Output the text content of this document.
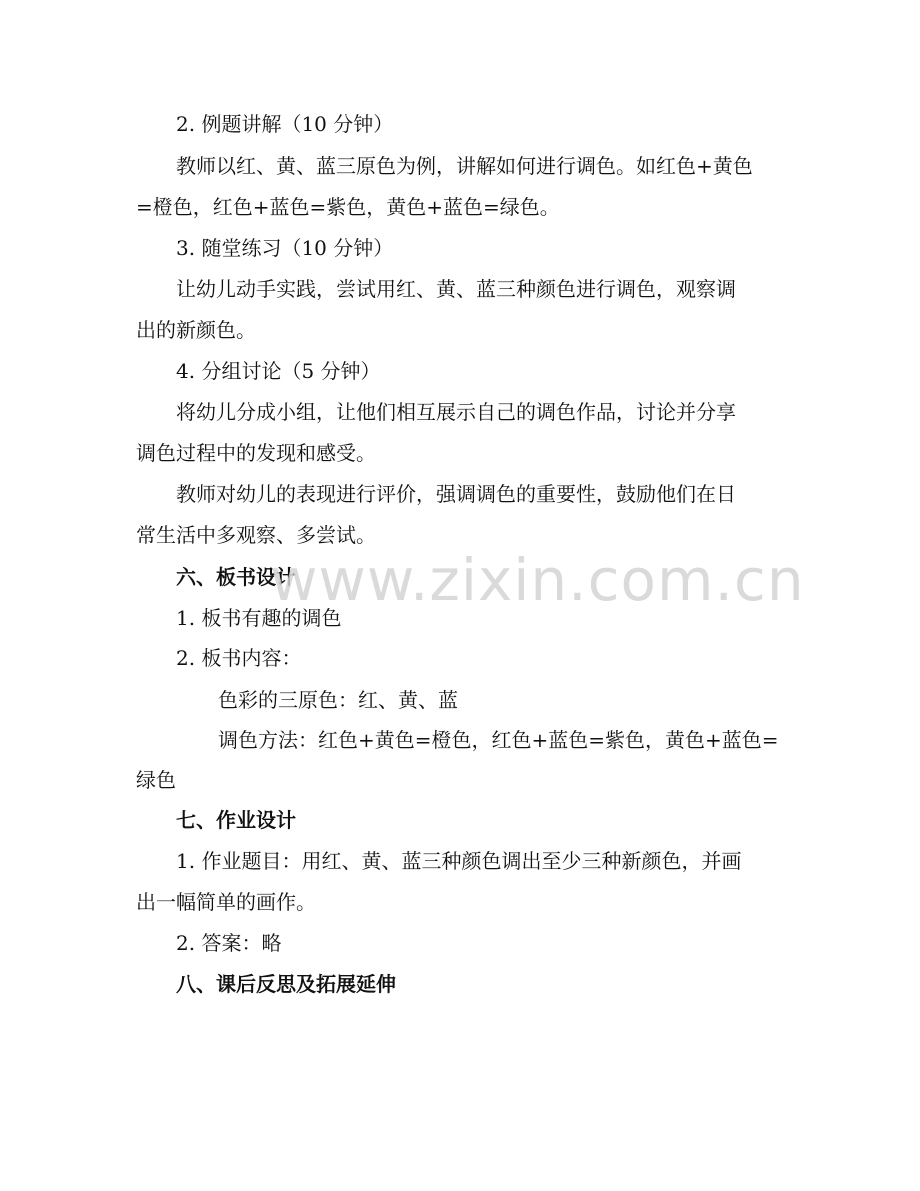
2. 例题讲解（10 分钟）
教师以红、黄、蓝三原色为例，讲解如何进行调色。如红色+黄色
=橙色，红色+蓝色=紫色，黄色+蓝色=绿色。
3. 随堂练习（10 分钟）
让幼儿动手实践，尝试用红、黄、蓝三种颜色进行调色，观察调
出的新颜色。
4. 分组讨论（5 分钟）
将幼儿分成小组，让他们相互展示自己的调色作品，讨论并分享
调色过程中的发现和感受。
教师对幼儿的表现进行评价，强调调色的重要性，鼓励他们在日
常生活中多观察、多尝试。
六、板书设计
1. 板书有趣的调色
2. 板书内容：
色彩的三原色：红、黄、蓝
调色方法：红色+黄色=橙色，红色+蓝色=紫色，黄色+蓝色=
绿色
七、作业设计
1. 作业题目：用红、黄、蓝三种颜色调出至少三种新颜色，并画
出一幅简单的画作。
2. 答案：略
八、课后反思及拓展延伸
www.zixin.com.cn
